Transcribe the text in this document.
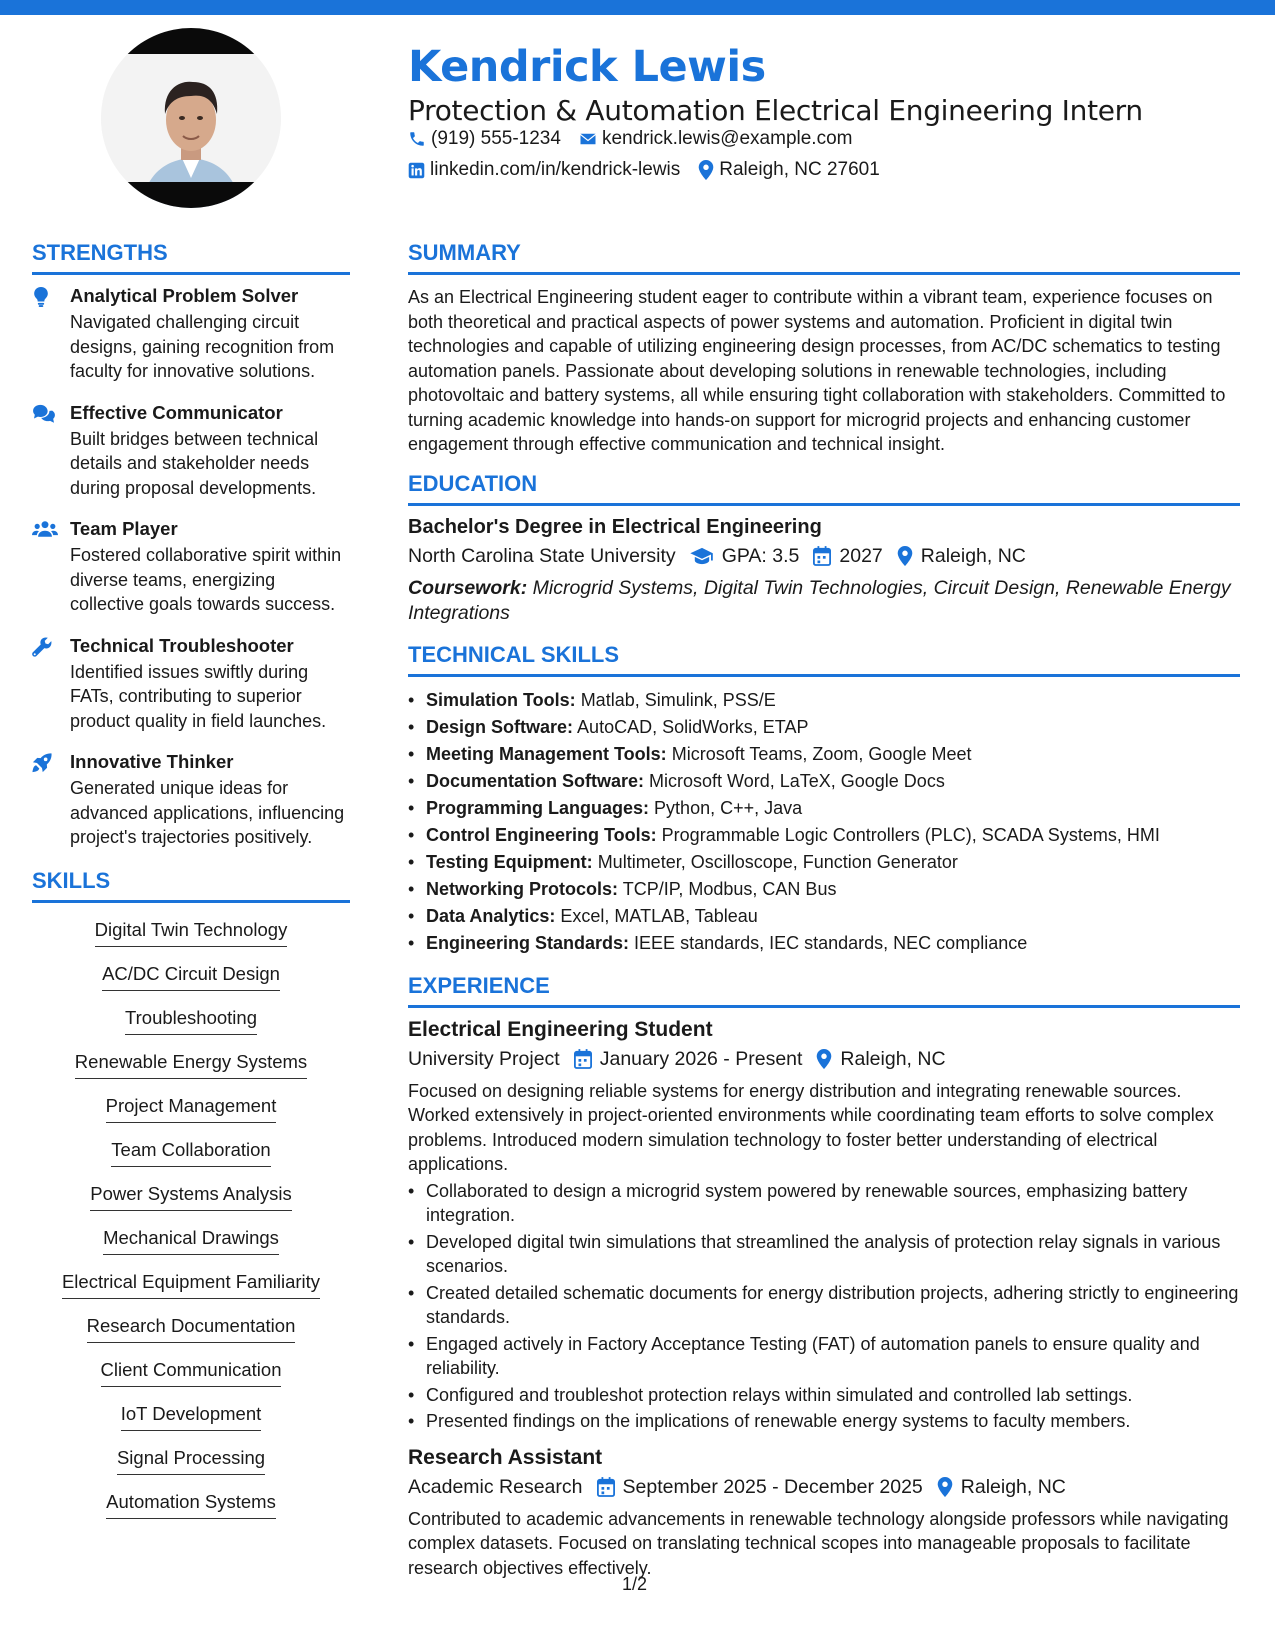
Kendrick Lewis
Protection & Automation Electrical Engineering Intern
(919) 555-1234 kendrick.lewis@example.com
linkedin.com/in/kendrick-lewis Raleigh, NC 27601
STRENGTHS
Analytical Problem Solver
Navigated challenging circuit designs, gaining recognition from faculty for innovative solutions.
Effective Communicator
Built bridges between technical details and stakeholder needs during proposal developments.
Team Player
Fostered collaborative spirit within diverse teams, energizing collective goals towards success.
Technical Troubleshooter
Identified issues swiftly during FATs, contributing to superior product quality in field launches.
Innovative Thinker
Generated unique ideas for advanced applications, influencing project's trajectories positively.
SKILLS
Digital Twin Technology
AC/DC Circuit Design
Troubleshooting
Renewable Energy Systems
Project Management
Team Collaboration
Power Systems Analysis
Mechanical Drawings
Electrical Equipment Familiarity
Research Documentation
Client Communication
IoT Development
Signal Processing
Automation Systems
SUMMARY
As an Electrical Engineering student eager to contribute within a vibrant team, experience focuses on both theoretical and practical aspects of power systems and automation. Proficient in digital twin technologies and capable of utilizing engineering design processes, from AC/DC schematics to testing automation panels. Passionate about developing solutions in renewable technologies, including photovoltaic and battery systems, all while ensuring tight collaboration with stakeholders. Committed to turning academic knowledge into hands-on support for microgrid projects and enhancing customer engagement through effective communication and technical insight.
EDUCATION
Bachelor's Degree in Electrical Engineering
North Carolina State University GPA: 3.5 2027 Raleigh, NC
Coursework: Microgrid Systems, Digital Twin Technologies, Circuit Design, Renewable Energy Integrations
TECHNICAL SKILLS
• Simulation Tools: Matlab, Simulink, PSS/E
• Design Software: AutoCAD, SolidWorks, ETAP
• Meeting Management Tools: Microsoft Teams, Zoom, Google Meet
• Documentation Software: Microsoft Word, LaTeX, Google Docs
• Programming Languages: Python, C++, Java
• Control Engineering Tools: Programmable Logic Controllers (PLC), SCADA Systems, HMI
• Testing Equipment: Multimeter, Oscilloscope, Function Generator
• Networking Protocols: TCP/IP, Modbus, CAN Bus
• Data Analytics: Excel, MATLAB, Tableau
• Engineering Standards: IEEE standards, IEC standards, NEC compliance
EXPERIENCE
Electrical Engineering Student
University Project January 2026 - Present Raleigh, NC
Focused on designing reliable systems for energy distribution and integrating renewable sources. Worked extensively in project-oriented environments while coordinating team efforts to solve complex problems. Introduced modern simulation technology to foster better understanding of electrical applications.
• Collaborated to design a microgrid system powered by renewable sources, emphasizing battery integration.
• Developed digital twin simulations that streamlined the analysis of protection relay signals in various scenarios.
• Created detailed schematic documents for energy distribution projects, adhering strictly to engineering standards.
• Engaged actively in Factory Acceptance Testing (FAT) of automation panels to ensure quality and reliability.
• Configured and troubleshot protection relays within simulated and controlled lab settings.
• Presented findings on the implications of renewable energy systems to faculty members.
Research Assistant
Academic Research September 2025 - December 2025 Raleigh, NC
Contributed to academic advancements in renewable technology alongside professors while navigating complex datasets. Focused on translating technical scopes into manageable proposals to facilitate research objectives effectively.
1/2
